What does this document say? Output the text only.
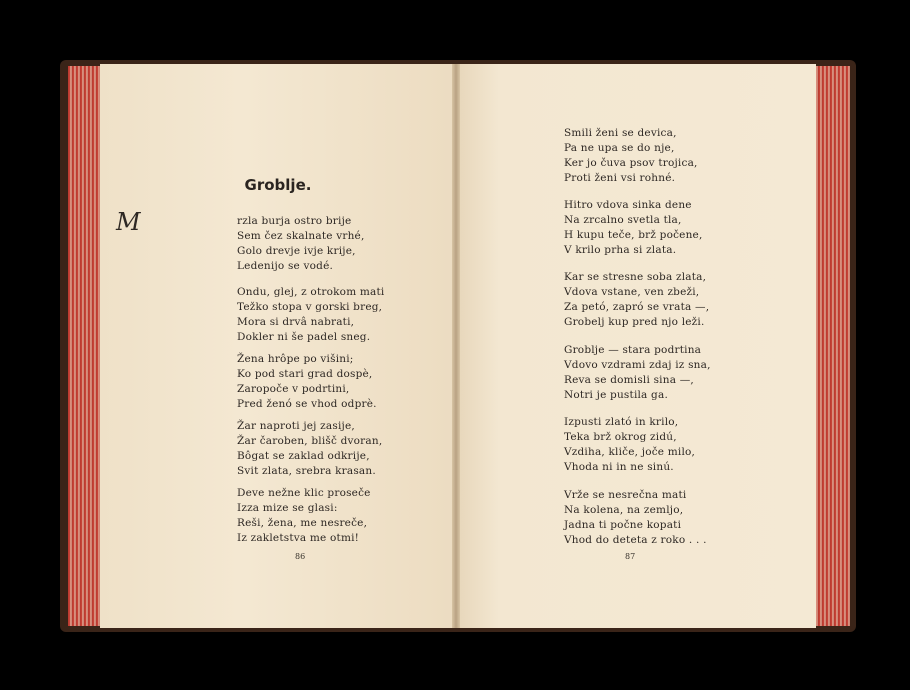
Groblje.
M	rzla burja ostro brije
Sem čez skalnate vrhé,
Golo drevje ivje krije,
Ledenijo se vodé.
Ondu, glej, z otrokom mati
Težko stopa v gorski breg,
Mora si drvâ nabrati,
Dokler ni še padel sneg.
Žena hrôpe po višini;
Ko pod stari grad dospè,
Zaropoče v podrtini,
Pred ženó se vhod odprè.
Žar naproti jej zasije,
Žar čaroben, blišč dvoran,
Bôgat se zaklad odkrije,
Svit zlata, srebra krasan.
Deve nežne klic proseče
Izza mize se glasi:
Reši, žena, me nesreče,
Iz zakletstva me otmi!
86
Smili ženi se devica,
Pa ne upa se do nje,
Ker jo čuva psov trojica,
Proti ženi vsi rohné.
Hitro vdova sinka dene
Na zrcalno svetla tla,
H kupu teče, brž počene,
V krilo prha si zlata.
Kar se stresne soba zlata,
Vdova vstane, ven zbeži,
Za petó, zapró se vrata —,
Grobelj kup pred njo leži.
Groblje — stara podrtina
Vdovo vzdrami zdaj iz sna,
Reva se domisli sina —,
Notri je pustila ga.
Izpusti zlató in krilo,
Teka brž okrog zidú,
Vzdiha, kliče, joče milo,
Vhoda ni in ne sinú.
Vrže se nesrečna mati
Na kolena, na zemljo,
Jadna ti počne kopati
Vhod do deteta z roko . . .
87
